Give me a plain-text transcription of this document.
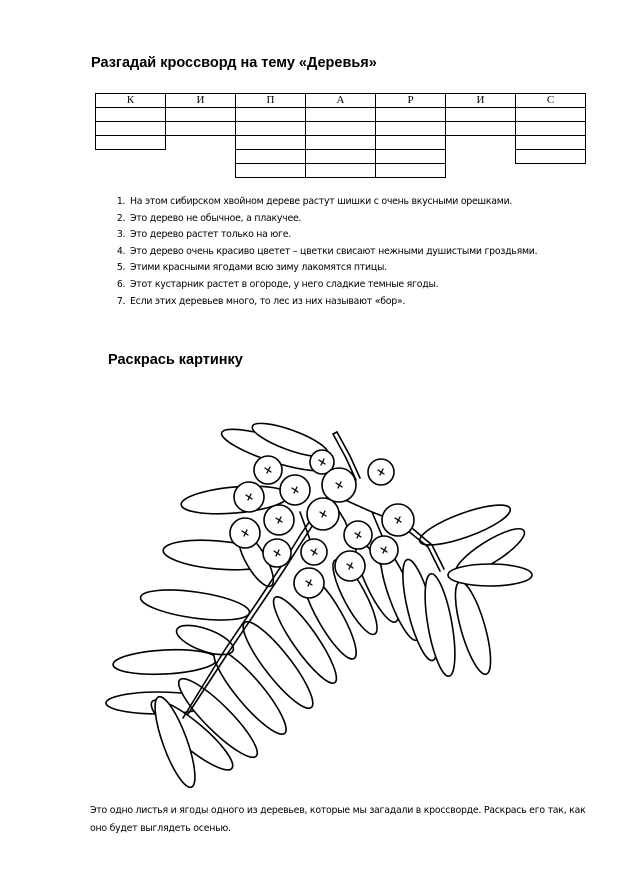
Разгадай кроссворд на тему «Деревья»
К	И	П	А	Р	И	С

1. На этом сибирском хвойном дереве растут шишки с очень вкусными орешками.
2. Это дерево не обычное, а плакучее.
3. Это дерево растет только на юге.
4. Это дерево очень красиво цветет – цветки свисают нежными душистыми гроздьями.
5. Этими красными ягодами всю зиму лакомятся птицы.
6. Этот кустарник растет в огороде, у него сладкие темные ягоды.
7. Если этих деревьев много, то лес из них называют «бор».
Раскрась картинку

Это одно листья и ягоды одного из деревьев, которые мы загадали в кроссворде. Раскрась его так, как оно будет выглядеть осенью.
